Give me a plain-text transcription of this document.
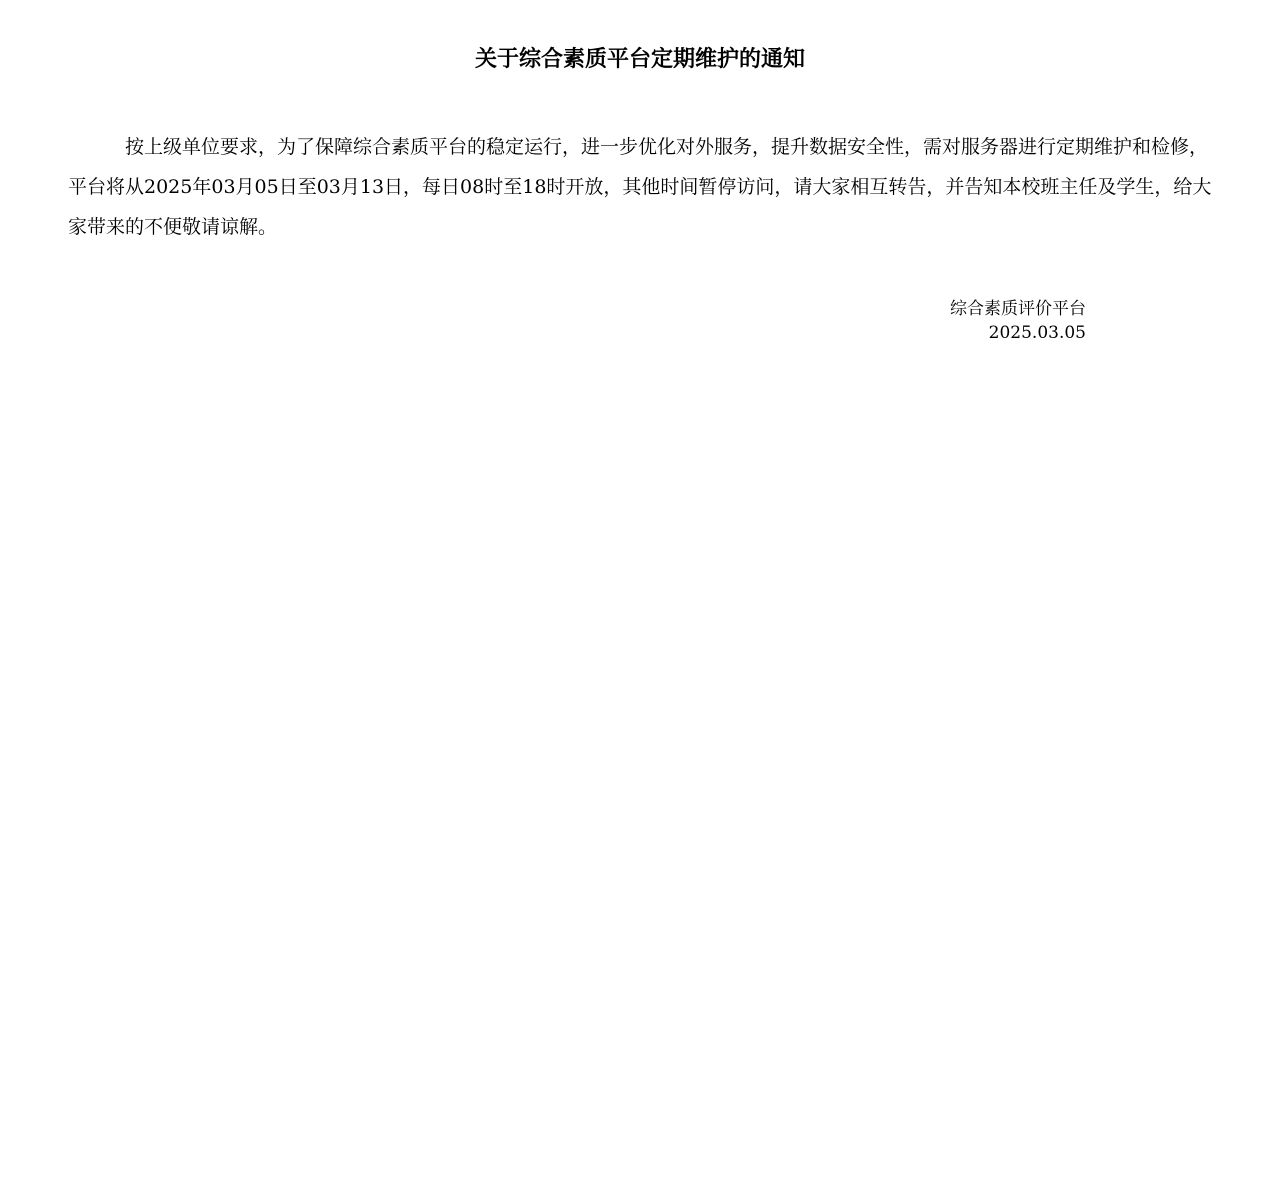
关于综合素质平台定期维护的通知

按上级单位要求，为了保障综合素质平台的稳定运行，进一步优化对外服务，提升数据安全性，需对服务器进行定期维护和检修，平台将从2025年03月05日至03月13日，每日08时至18时开放，其他时间暂停访问，请大家相互转告，并告知本校班主任及学生，给大家带来的不便敬请谅解。

综合素质评价平台
2025.03.05
